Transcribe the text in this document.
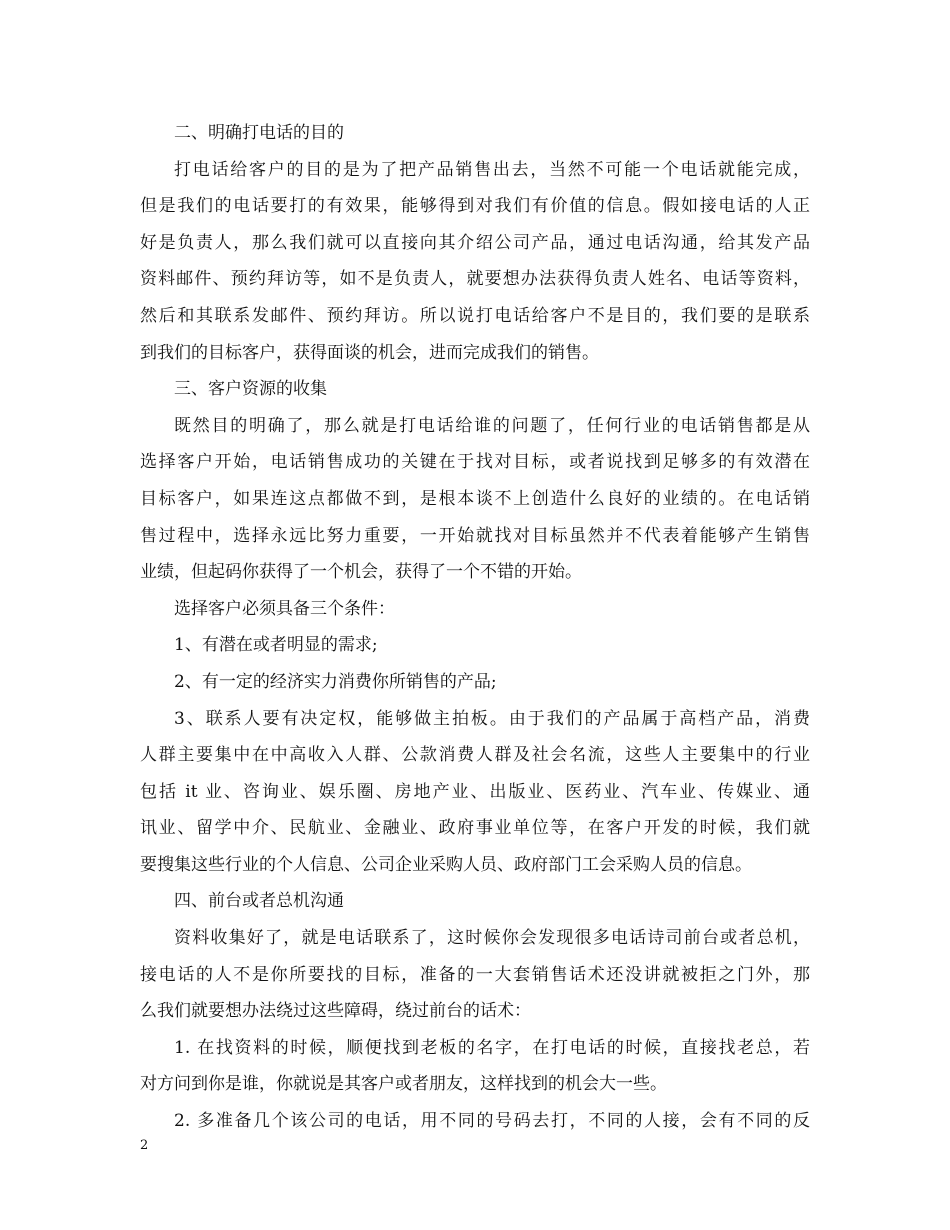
二、明确打电话的目的
打电话给客户的目的是为了把产品销售出去，当然不可能一个电话就能完成，
但是我们的电话要打的有效果，能够得到对我们有价值的信息。假如接电话的人正
好是负责人，那么我们就可以直接向其介绍公司产品，通过电话沟通，给其发产品
资料邮件、预约拜访等，如不是负责人，就要想办法获得负责人姓名、电话等资料，
然后和其联系发邮件、预约拜访。所以说打电话给客户不是目的，我们要的是联系
到我们的目标客户，获得面谈的机会，进而完成我们的销售。
三、客户资源的收集
既然目的明确了，那么就是打电话给谁的问题了，任何行业的电话销售都是从
选择客户开始，电话销售成功的关键在于找对目标，或者说找到足够多的有效潜在
目标客户，如果连这点都做不到，是根本谈不上创造什么良好的业绩的。在电话销
售过程中，选择永远比努力重要，一开始就找对目标虽然并不代表着能够产生销售
业绩，但起码你获得了一个机会，获得了一个不错的开始。
选择客户必须具备三个条件：
1、有潜在或者明显的需求;
2、有一定的经济实力消费你所销售的产品;
3、联系人要有决定权，能够做主拍板。由于我们的产品属于高档产品，消费
人群主要集中在中高收入人群、公款消费人群及社会名流，这些人主要集中的行业
包括 it 业、咨询业、娱乐圈、房地产业、出版业、医药业、汽车业、传媒业、通
讯业、留学中介、民航业、金融业、政府事业单位等，在客户开发的时候，我们就
要搜集这些行业的个人信息、公司企业采购人员、政府部门工会采购人员的信息。
四、前台或者总机沟通
资料收集好了，就是电话联系了，这时候你会发现很多电话诗司前台或者总机，
接电话的人不是你所要找的目标，准备的一大套销售话术还没讲就被拒之门外，那
么我们就要想办法绕过这些障碍，绕过前台的话术：
1. 在找资料的时候，顺便找到老板的名字，在打电话的时候，直接找老总，若
对方问到你是谁，你就说是其客户或者朋友，这样找到的机会大一些。
2. 多准备几个该公司的电话，用不同的号码去打，不同的人接，会有不同的反
2
